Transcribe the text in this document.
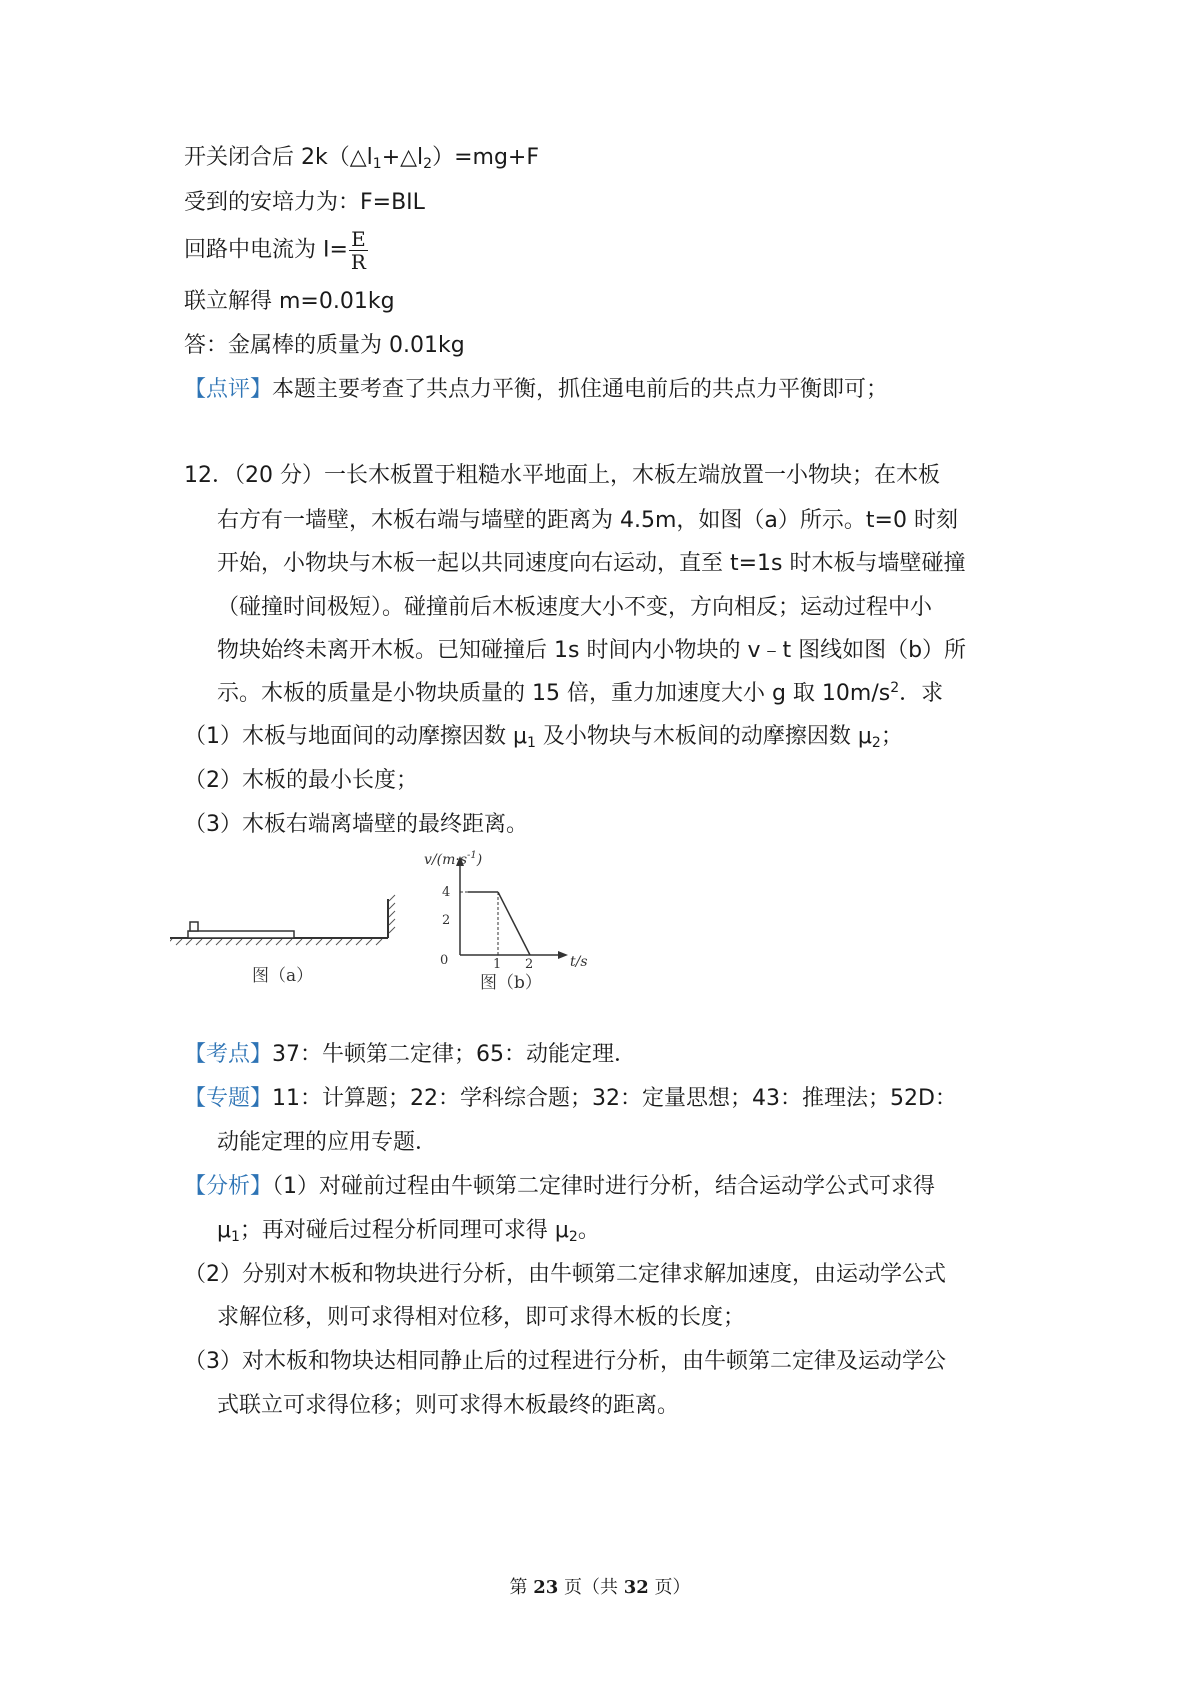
开关闭合后 $2k(\triangle l_1+\triangle l_2)=mg+F$
受到的安培力为：F=BIL
回路中电流为 $I= \frac{E}{R}$
联立解得 m=0.01kg
答：金属棒的质量为 0.01kg
【点评】本题主要考查了共点力平衡，抓住通电前后的共点力平衡即可；
12．（20 分）一长木板置于粗糙水平地面上，木板左端放置一小物块；在木板
右方有一墙壁，木板右端与墙壁的距离为 4.5m，如图（a）所示。t=0 时刻
开始，小物块与木板一起以共同速度向右运动，直至 t=1s 时木板与墙壁碰撞
（碰撞时间极短）。碰撞前后木板速度大小不变，方向相反；运动过程中小
物块始终未离开木板。已知碰撞后 1s 时间内小物块的 v﹣t 图线如图（b）所
示。木板的质量是小物块质量的 15 倍，重力加速度大小 g 取 $10m/s^2$．求
（1）木板与地面间的动摩擦因数 $\mu_1$ 及小物块与木板间的动摩擦因数 $\mu_2$；
（2）木板的最小长度；
（3）木板右端离墙壁的最终距离。
图（a）
$v/(m\cdot s^{-1})$
t/s
0
4
2
1 2
图（b）
【考点】37：牛顿第二定律；65：动能定理．
【专题】11：计算题；22：学科综合题；32：定量思想；43：推理法；52D：
动能定理的应用专题．
【分析】（1）对碰前过程由牛顿第二定律时进行分析，结合运动学公式可求得
$\mu_1$；再对碰后过程分析同理可求得 $\mu_2$。
（2）分别对木板和物块进行分析，由牛顿第二定律求解加速度，由运动学公式
求解位移，则可求得相对位移，即可求得木板的长度；
（3）对木板和物块达相同静止后的过程进行分析，由牛顿第二定律及运动学公
式联立可求得位移；则可求得木板最终的距离。
第 23 页（共 32 页）
